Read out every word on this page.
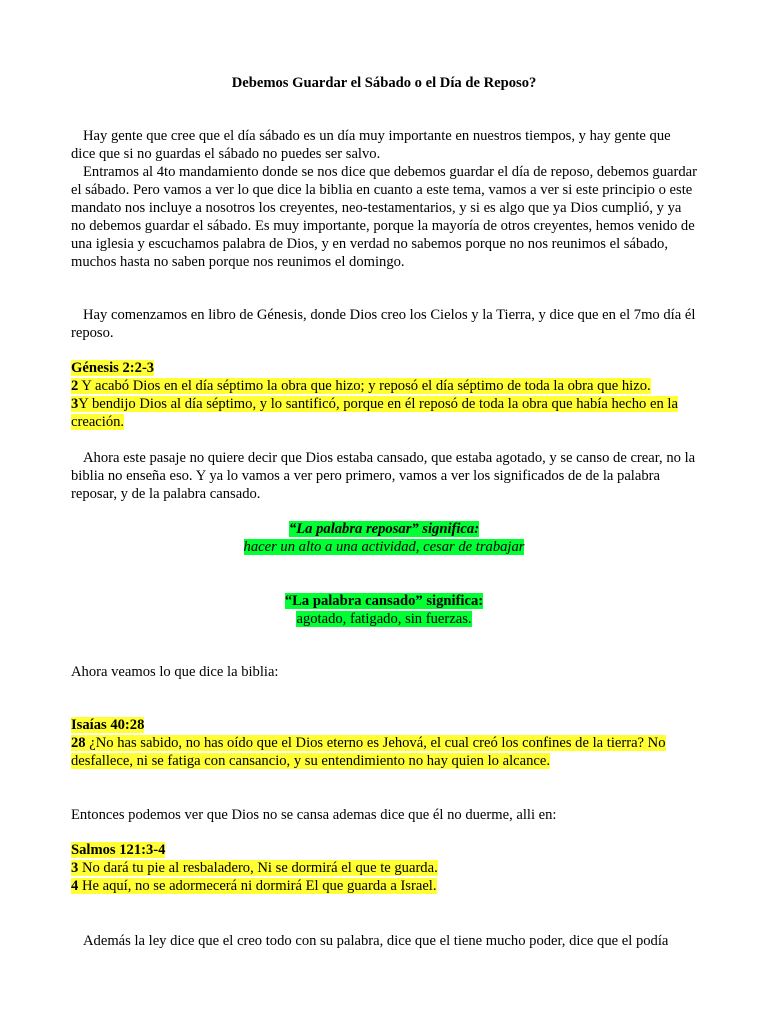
Debemos Guardar el Sábado o el Día de Reposo?

Hay gente que cree que el día sábado es un día muy importante en nuestros tiempos, y hay gente que dice que si no guardas el sábado no puedes ser salvo.

Entramos al 4to mandamiento donde se nos dice que debemos guardar el día de reposo, debemos guardar el sábado. Pero vamos a ver lo que dice la biblia en cuanto a este tema, vamos a ver si este principio o este mandato nos incluye a nosotros los creyentes, neo-testamentarios, y si es algo que ya Dios cumplió, y ya no debemos guardar el sábado. Es muy importante, porque la mayoría de otros creyentes, hemos venido de una iglesia y escuchamos palabra de Dios, y en verdad no sabemos porque no nos reunimos el sábado, muchos hasta no saben porque nos reunimos el domingo.

Hay comenzamos en libro de Génesis, donde Dios creo los Cielos y la Tierra, y dice que en el 7mo día él reposo.

Génesis 2:2-3

2 Y acabó Dios en el día séptimo la obra que hizo; y reposó el día séptimo de toda la obra que hizo.

3Y bendijo Dios al día séptimo, y lo santificó, porque en él reposó de toda la obra que había hecho en la creación.

Ahora este pasaje no quiere decir que Dios estaba cansado, que estaba agotado, y se canso de crear, no la biblia no enseña eso. Y ya lo vamos a ver pero primero, vamos a ver los significados de de la palabra reposar, y de la palabra cansado.

“La palabra reposar” significa:

hacer un alto a una actividad, cesar de trabajar

“La palabra cansado” significa:

agotado, fatigado, sin fuerzas.

Ahora veamos lo que dice la biblia:

Isaías 40:28

28 ¿No has sabido, no has oído que el Dios eterno es Jehová, el cual creó los confines de la tierra? No desfallece, ni se fatiga con cansancio, y su entendimiento no hay quien lo alcance.

Entonces podemos ver que Dios no se cansa ademas dice que él no duerme, alli en:

Salmos 121:3-4

3 No dará tu pie al resbaladero, Ni se dormirá el que te guarda.

4 He aquí, no se adormecerá ni dormirá El que guarda a Israel.

Además la ley dice que el creo todo con su palabra, dice que el tiene mucho poder, dice que el podía
